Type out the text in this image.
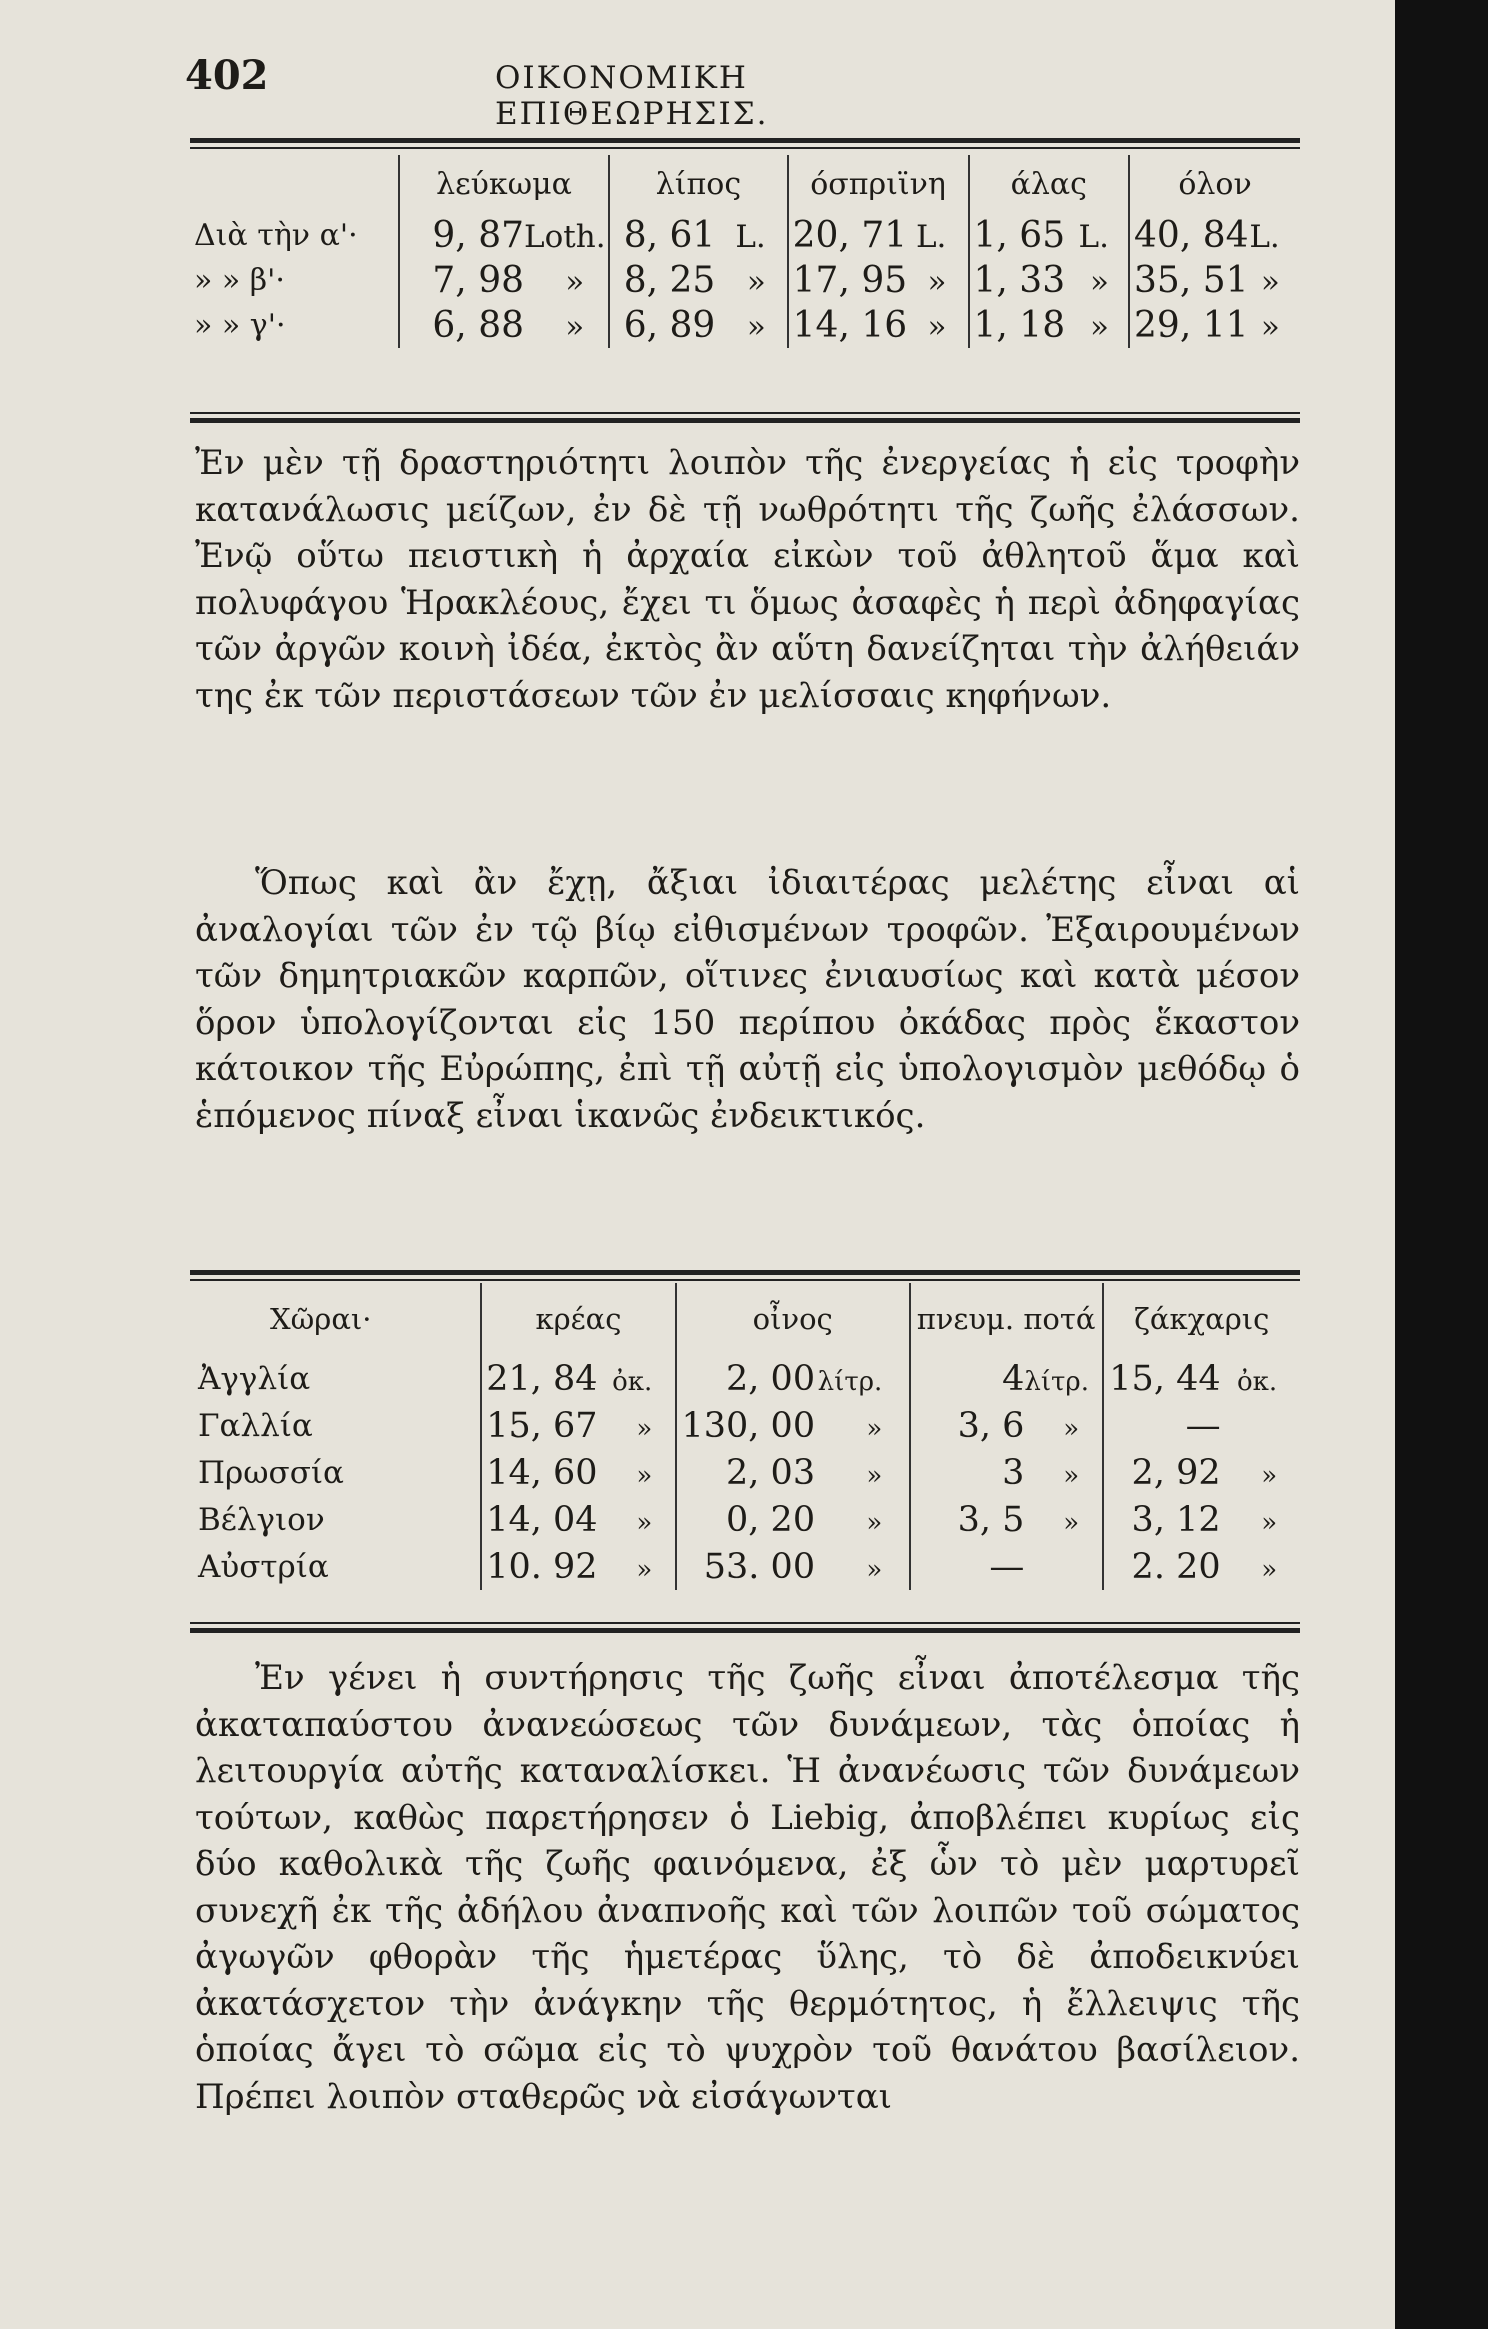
402	ΟΙΚΟΝΟΜΙΚΗ ΕΠΙΘΕΩΡΗΣΙΣ.
	λεύκωμα	λίπος	όσπριϊνη	άλας	όλον
Διὰ τὴν α'·	9, 87Loth.	8, 61 L.	20, 71 L.	1, 65 L.	40, 84L.
» » β'·	7, 98 »	8, 25 »	17, 95 »	1, 33 »	35, 51 »
» » γ'·	6, 88 »	6, 89 »	14, 16 »	1, 18 »	29, 11 »

Ἐν μὲν τῇ δραστηριότητι λοιπὸν τῆς ἐνεργείας ἡ εἰς τροφὴν κατανάλωσις μείζων, ἐν δὲ τῇ νωθρότητι τῆς ζωῆς ἐλάσσων. Ἐνῷ οὕτω πειστικὴ ἡ ἀρχαία εἰκὼν τοῦ ἀθλητοῦ ἅμα καὶ πολυφάγου Ἡρακλέους, ἔχει τι ὅμως ἀσαφὲς ἡ περὶ ἀδηφαγίας τῶν ἀργῶν κοινὴ ἰδέα, ἐκτὸς ἂν αὕτη δανείζηται τὴν ἀλήθειάν της ἐκ τῶν περιστάσεων τῶν ἐν μελίσσαις κηφήνων.

Ὅπως καὶ ἂν ἔχῃ, ἄξιαι ἰδιαιτέρας μελέτης εἶναι αἱ ἀναλογίαι τῶν ἐν τῷ βίῳ εἰθισμένων τροφῶν. Ἐξαιρουμένων τῶν δημητριακῶν καρπῶν, οἵτινες ἐνιαυσίως καὶ κατὰ μέσον ὅρον ὑπολογίζονται εἰς 150 περίπου ὀκάδας πρὸς ἕκαστον κάτοικον τῆς Εὐρώπης, ἐπὶ τῇ αὐτῇ εἰς ὑπολογισμὸν μεθόδῳ ὁ ἑπόμενος πίναξ εἶναι ἱκανῶς ἐνδεικτικός.

Χῶραι·	κρέας	οἶνος	πνευμ. ποτά	ζάκχαρις
Ἀγγλία	21, 84 ὀκ.	2, 00λίτρ.	4λίτρ.	15, 44 ὀκ.
Γαλλία	15, 67 »	130, 00 »	3, 6 »	—
Πρωσσία	14, 60 »	2, 03 »	3 »	2, 92 »
Βέλγιον	14, 04 »	0, 20 »	3, 5 »	3, 12 »
Αὐστρία	10. 92 »	53. 00 »	—	2. 20 »

Ἐν γένει ἡ συντήρησις τῆς ζωῆς εἶναι ἀποτέλεσμα τῆς ἀκαταπαύστου ἀνανεώσεως τῶν δυνάμεων, τὰς ὁποίας ἡ λειτουργία αὐτῆς καταναλίσκει. Ἡ ἀνανέωσις τῶν δυνάμεων τούτων, καθὼς παρετήρησεν ὁ Liebig, ἀποβλέπει κυρίως εἰς δύο καθολικὰ τῆς ζωῆς φαινόμενα, ἐξ ὧν τὸ μὲν μαρτυρεῖ συνεχῆ ἐκ τῆς ἀδήλου ἀναπνοῆς καὶ τῶν λοιπῶν τοῦ σώματος ἀγωγῶν φθορὰν τῆς ἡμετέρας ὕλης, τὸ δὲ ἀποδεικνύει ἀκατάσχετον τὴν ἀνάγκην τῆς θερμότητος, ἡ ἔλλειψις τῆς ὁποίας ἄγει τὸ σῶμα εἰς τὸ ψυχρὸν τοῦ θανάτου βασίλειον. Πρέπει λοιπὸν σταθερῶς νὰ εἰσάγωνται
